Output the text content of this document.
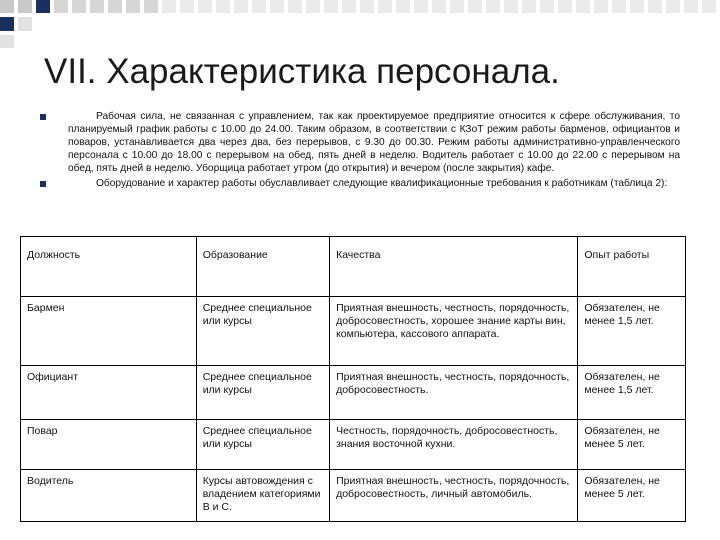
VII. Характеристика персонала.
Рабочая сила, не связанная с управлением, так как проектируемое предприятие относится к сфере обслуживания, то планируемый график работы с 10.00 до 24.00. Таким образом, в соответствии с КЗоТ режим работы барменов, официантов и поваров, устанавливается два через два, без перерывов, с 9.30 до 00.30. Режим работы административно-управленческого персонала с 10.00 до 18.00 с перерывом на обед, пять дней в неделю. Водитель работает с 10.00 до 22.00 с перерывом на обед, пять дней в неделю. Уборщица работает утром (до открытия) и вечером (после закрытия) кафе.
Оборудование и характер работы обуславливает следующие квалификационные требования к работникам (таблица 2):
Должность	Образование	Качества	Опыт работы
Бармен	Среднее специальное или курсы	Приятная внешность, честность, порядочность, добросовестность, хорошее знание карты вин, компьютера, кассового аппарата.	Обязателен, не менее 1,5 лет.
Официант	Среднее специальное или курсы	Приятная внешность, честность, порядочность, добросовестность.	Обязателен, не менее 1,5 лет.
Повар	Среднее специальное или курсы	Честность, порядочность, добросовестность, знания восточной кухни.	Обязателен, не менее 5 лет.
Водитель	Курсы автовождения с владением категориями В и С.	Приятная внешность, честность, порядочность, добросовестность, личный автомобиль.	Обязателен, не менее 5 лет.
